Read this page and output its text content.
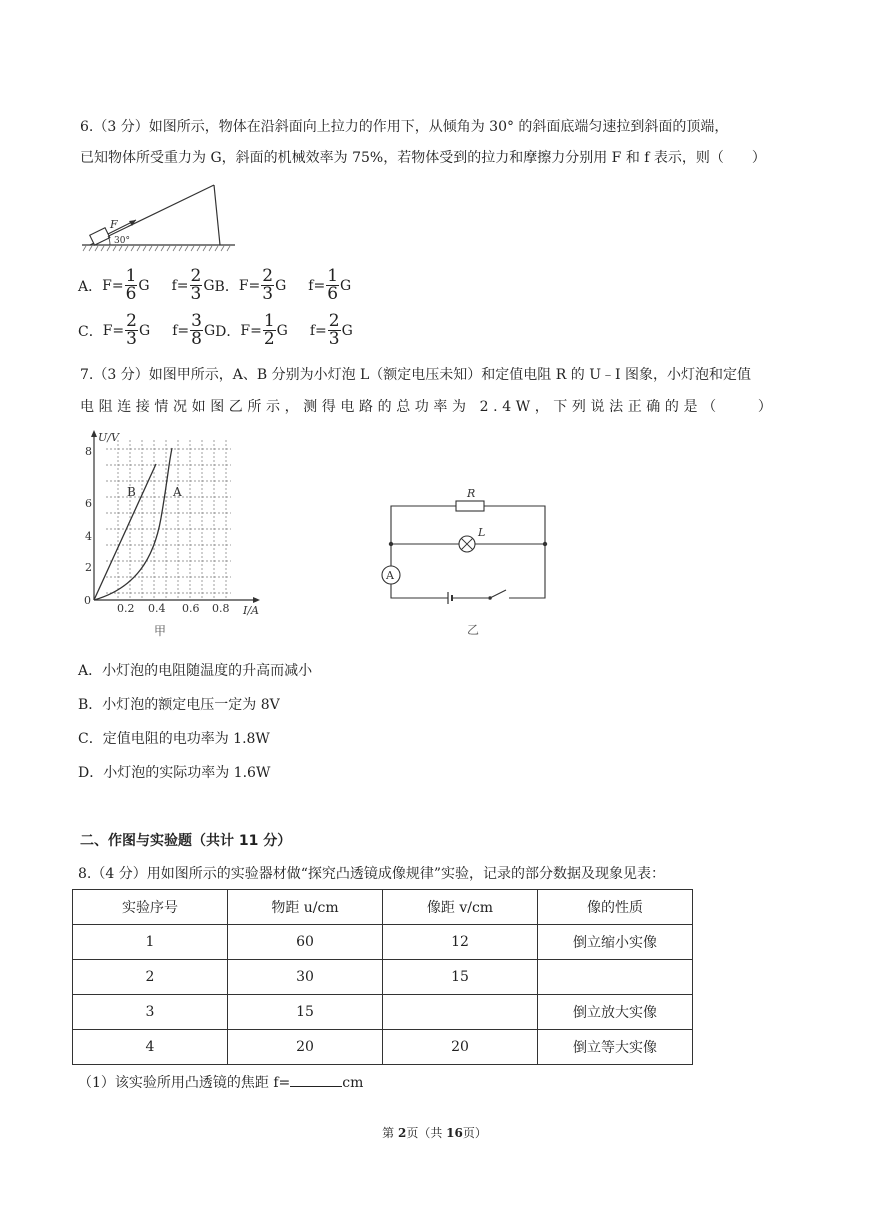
6.（3 分）如图所示，物体在沿斜面向上拉力的作用下，从倾角为 30° 的斜面底端匀速拉到斜面的顶端，
已知物体所受重力为 G，斜面的机械效率为 75%，若物体受到的拉力和摩擦力分别用 F 和 f 表示，则（　　）
F
30°
A． $F= \frac{1}{6}$ G $f= \frac{2}{3}$ G B． $F= \frac{2}{3}$ G $f= \frac{1}{6}$ G
C． $F= \frac{2}{3}$ G $f= \frac{3}{8}$ G D． $F= \frac{1}{2}$ G $f= \frac{2}{3}$ G
7.（3 分）如图甲所示，A、B 分别为小灯泡 L（额定电压未知）和定值电阻 R 的 U﹣I 图象，小灯泡和定值
电阻连接情况如图乙所示，测得电路的总功率为 2.4W，下列说法正确的是（　　）
U/V
I/A
8
6
4
2
0
0.2 0.4 0.6 0.8
B	A
甲
R
L
A
乙
A．小灯泡的电阻随温度的升高而减小
B．小灯泡的额定电压一定为 8V
C．定值电阻的电功率为 1.8W
D．小灯泡的实际功率为 1.6W
二、作图与实验题（共计 11 分）
8.（4 分）用如图所示的实验器材做“探究凸透镜成像规律”实验，记录的部分数据及现象见表：
实验序号	物距 u/cm	像距 v/cm	像的性质
1	60	12	倒立缩小实像
2	30	15	
3	15		倒立放大实像
4	20	20	倒立等大实像
（1）该实验所用凸透镜的焦距 f=	cm
第 2页（共 16页）
